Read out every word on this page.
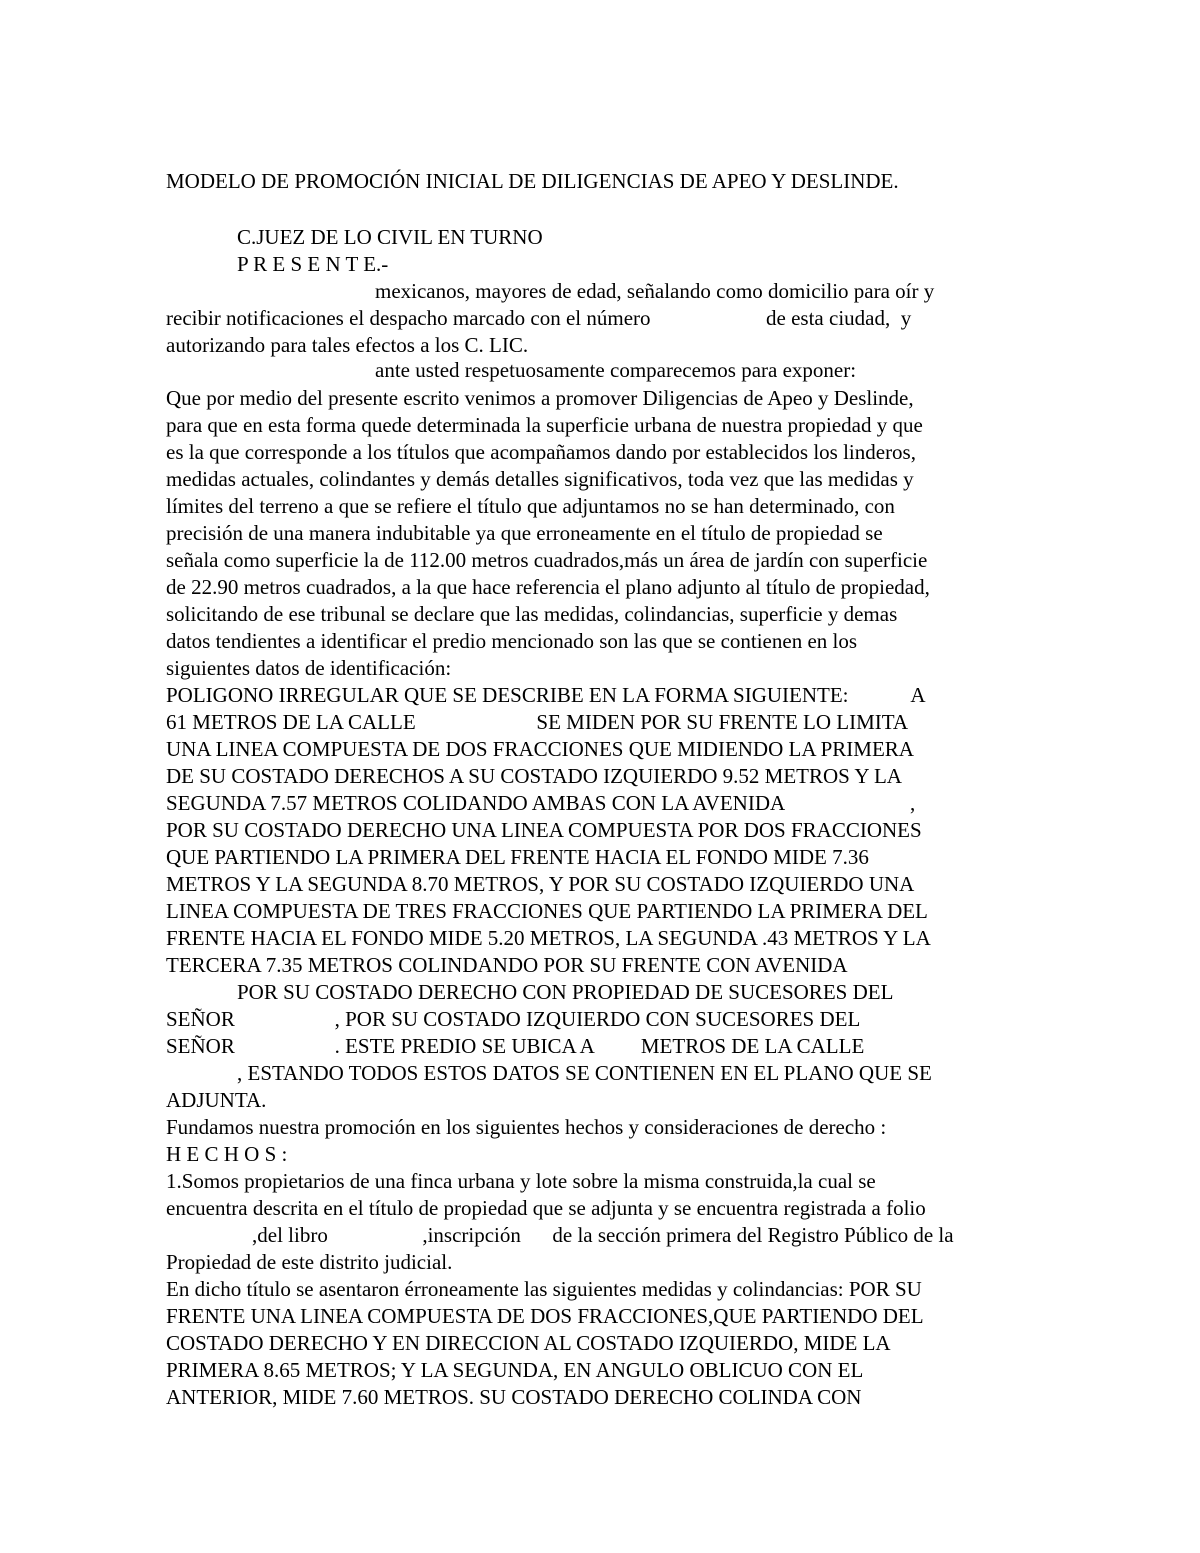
MODELO DE PROMOCIÓN INICIAL DE DILIGENCIAS DE APEO Y DESLINDE.
C.JUEZ DE LO CIVIL EN TURNO
P R E S E N T E.-
mexicanos, mayores de edad, señalando como domicilio para oír y
recibir notificaciones el despacho marcado con el número                      de esta ciudad,  y
autorizando para tales efectos a los C. LIC.
ante usted respetuosamente comparecemos para exponer:
Que por medio del presente escrito venimos a promover Diligencias de Apeo y Deslinde,
para que en esta forma quede determinada la superficie urbana de nuestra propiedad y que
es la que corresponde a los títulos que acompañamos dando por establecidos los linderos,
medidas actuales, colindantes y demás detalles significativos, toda vez que las medidas y
límites del terreno a que se refiere el título que adjuntamos no se han determinado, con
precisión de una manera indubitable ya que erroneamente en el título de propiedad se
señala como superficie la de 112.00 metros cuadrados,más un área de jardín con superficie
de 22.90 metros cuadrados, a la que hace referencia el plano adjunto al título de propiedad,
solicitando de ese tribunal se declare que las medidas, colindancias, superficie y demas
datos tendientes a identificar el predio mencionado son las que se contienen en los
siguientes datos de identificación:
POLIGONO IRREGULAR QUE SE DESCRIBE EN LA FORMA SIGUIENTE:            A
61 METROS DE LA CALLE                       SE MIDEN POR SU FRENTE LO LIMITA
UNA LINEA COMPUESTA DE DOS FRACCIONES QUE MIDIENDO LA PRIMERA
DE SU COSTADO DERECHOS A SU COSTADO IZQUIERDO 9.52 METROS Y LA
SEGUNDA 7.57 METROS COLIDANDO AMBAS CON LA AVENIDA                        ,
POR SU COSTADO DERECHO UNA LINEA COMPUESTA POR DOS FRACCIONES
QUE PARTIENDO LA PRIMERA DEL FRENTE HACIA EL FONDO MIDE 7.36
METROS Y LA SEGUNDA 8.70 METROS, Y POR SU COSTADO IZQUIERDO UNA
LINEA COMPUESTA DE TRES FRACCIONES QUE PARTIENDO LA PRIMERA DEL
FRENTE HACIA EL FONDO MIDE 5.20 METROS, LA SEGUNDA .43 METROS Y LA
TERCERA 7.35 METROS COLINDANDO POR SU FRENTE CON AVENIDA
POR SU COSTADO DERECHO CON PROPIEDAD DE SUCESORES DEL
SEÑOR                   , POR SU COSTADO IZQUIERDO CON SUCESORES DEL
SEÑOR                   . ESTE PREDIO SE UBICA A         METROS DE LA CALLE
, ESTANDO TODOS ESTOS DATOS SE CONTIENEN EN EL PLANO QUE SE
ADJUNTA.
Fundamos nuestra promoción en los siguientes hechos y consideraciones de derecho :
H E C H O S :
1.Somos propietarios de una finca urbana y lote sobre la misma construida,la cual se
encuentra descrita en el título de propiedad que se adjunta y se encuentra registrada a folio
,del libro                  ,inscripción      de la sección primera del Registro Público de la
Propiedad de este distrito judicial.
En dicho título se asentaron érroneamente las siguientes medidas y colindancias: POR SU
FRENTE UNA LINEA COMPUESTA DE DOS FRACCIONES,QUE PARTIENDO DEL
COSTADO DERECHO Y EN DIRECCION AL COSTADO IZQUIERDO, MIDE LA
PRIMERA 8.65 METROS; Y LA SEGUNDA, EN ANGULO OBLICUO CON EL
ANTERIOR, MIDE 7.60 METROS. SU COSTADO DERECHO COLINDA CON
